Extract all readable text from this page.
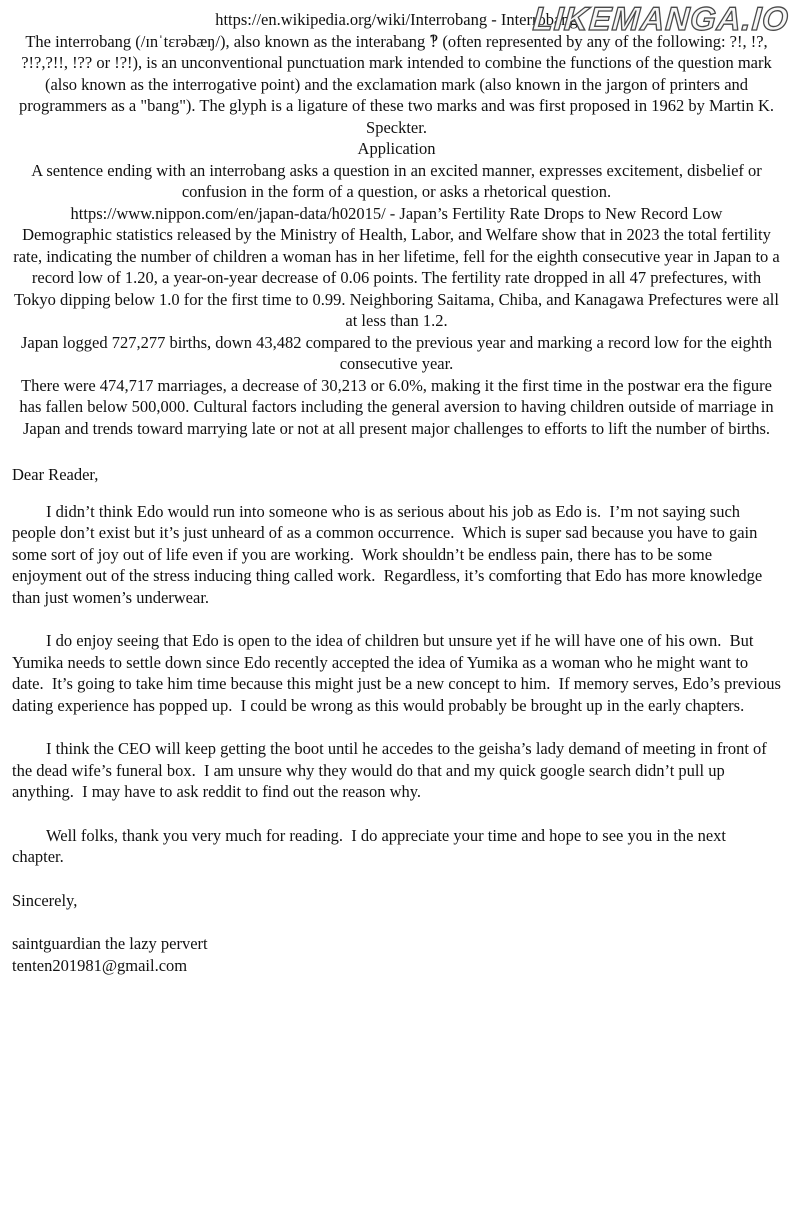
LIKEMANGA.IO

https://en.wikipedia.org/wiki/Interrobang - Interrobang

The interrobang (/ɪnˈtɛrəbæŋ/), also known as the interabang ‽ (often represented by any of the following: ?!, !?, ?!?,?!!, !?? or !?!), is an unconventional punctuation mark intended to combine the functions of the question mark (also known as the interrogative point) and the exclamation mark (also known in the jargon of printers and programmers as a "bang"). The glyph is a ligature of these two marks and was first proposed in 1962 by Martin K. Speckter.

Application

A sentence ending with an interrobang asks a question in an excited manner, expresses excitement, disbelief or confusion in the form of a question, or asks a rhetorical question.

https://www.nippon.com/en/japan-data/h02015/ - Japan’s Fertility Rate Drops to New Record Low

Demographic statistics released by the Ministry of Health, Labor, and Welfare show that in 2023 the total fertility rate, indicating the number of children a woman has in her lifetime, fell for the eighth consecutive year in Japan to a record low of 1.20, a year-on-year decrease of 0.06 points. The fertility rate dropped in all 47 prefectures, with Tokyo dipping below 1.0 for the first time to 0.99. Neighboring Saitama, Chiba, and Kanagawa Prefectures were all at less than 1.2.

Japan logged 727,277 births, down 43,482 compared to the previous year and marking a record low for the eighth consecutive year.

There were 474,717 marriages, a decrease of 30,213 or 6.0%, making it the first time in the postwar era the figure has fallen below 500,000. Cultural factors including the general aversion to having children outside of marriage in Japan and trends toward marrying late or not at all present major challenges to efforts to lift the number of births.

Dear Reader,

I didn’t think Edo would run into someone who is as serious about his job as Edo is.  I’m not saying such people don’t exist but it’s just unheard of as a common occurrence.  Which is super sad because you have to gain some sort of joy out of life even if you are working.  Work shouldn’t be endless pain, there has to be some enjoyment out of the stress inducing thing called work.  Regardless, it’s comforting that Edo has more knowledge than just women’s underwear.

I do enjoy seeing that Edo is open to the idea of children but unsure yet if he will have one of his own.  But Yumika needs to settle down since Edo recently accepted the idea of Yumika as a woman who he might want to date.  It’s going to take him time because this might just be a new concept to him.  If memory serves, Edo’s previous dating experience has popped up.  I could be wrong as this would probably be brought up in the early chapters.

I think the CEO will keep getting the boot until he accedes to the geisha’s lady demand of meeting in front of the dead wife’s funeral box.  I am unsure why they would do that and my quick google search didn’t pull up anything.  I may have to ask reddit to find out the reason why.

Well folks, thank you very much for reading.  I do appreciate your time and hope to see you in the next chapter.

Sincerely,

saintguardian the lazy pervert

tenten201981@gmail.com
